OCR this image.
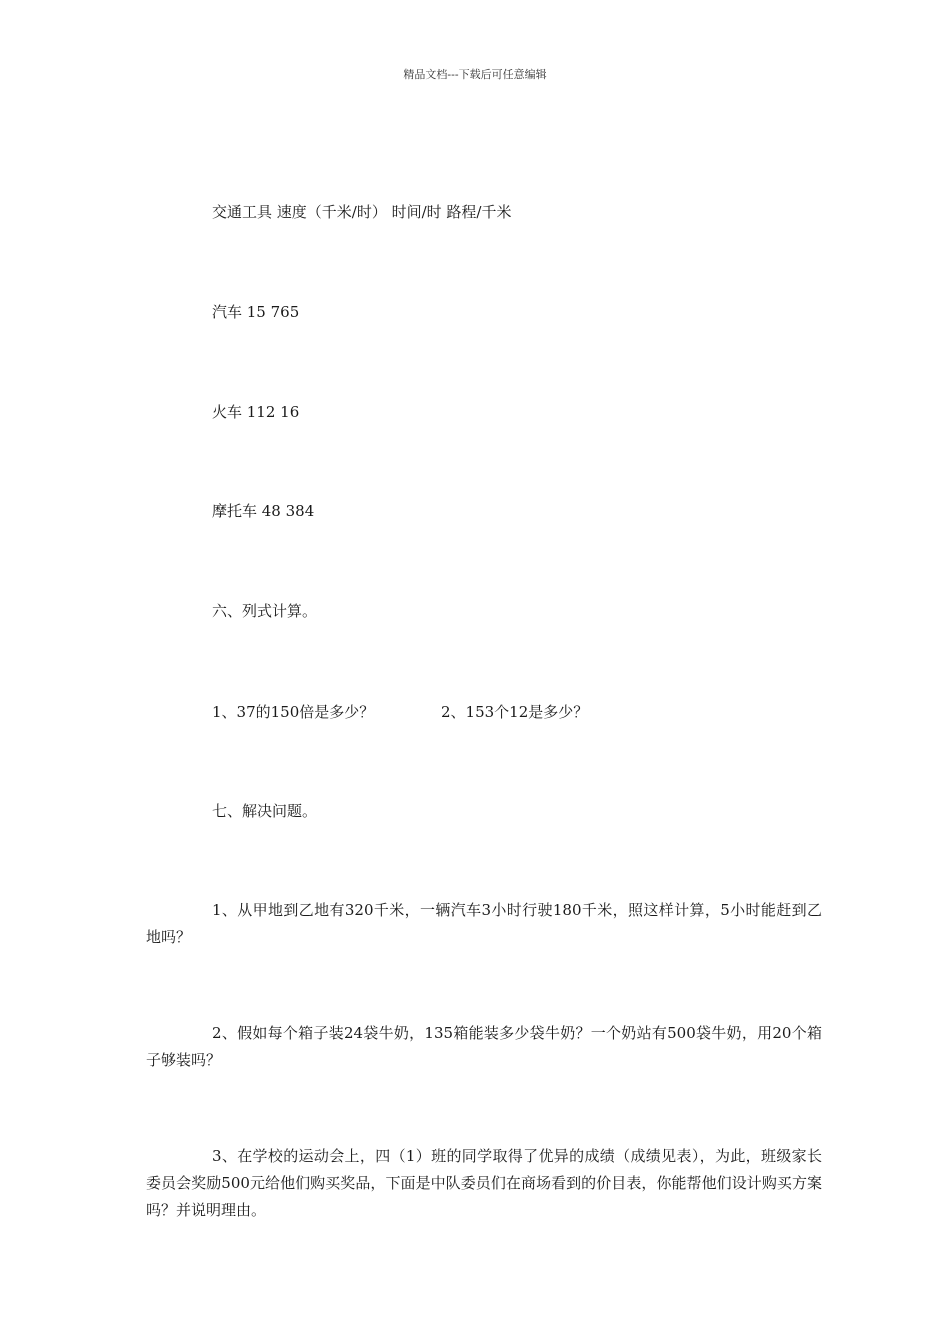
精品文档---下载后可任意编辑
交通工具 速度（千米/时） 时间/时 路程/千米
汽车 15 765
火车 112 16
摩托车 48 384
六、列式计算。
1、37的150倍是多少？	2、153个12是多少？
七、解决问题。
1、从甲地到乙地有320千米，一辆汽车3小时行驶180千米，照这样计算，5小时能赶到乙地吗？
2、假如每个箱子装24袋牛奶，135箱能装多少袋牛奶？一个奶站有500袋牛奶，用20个箱子够装吗？
3、在学校的运动会上，四（1）班的同学取得了优异的成绩（成绩见表），为此，班级家长委员会奖励500元给他们购买奖品，下面是中队委员们在商场看到的价目表，你能帮他们设计购买方案吗？并说明理由。
